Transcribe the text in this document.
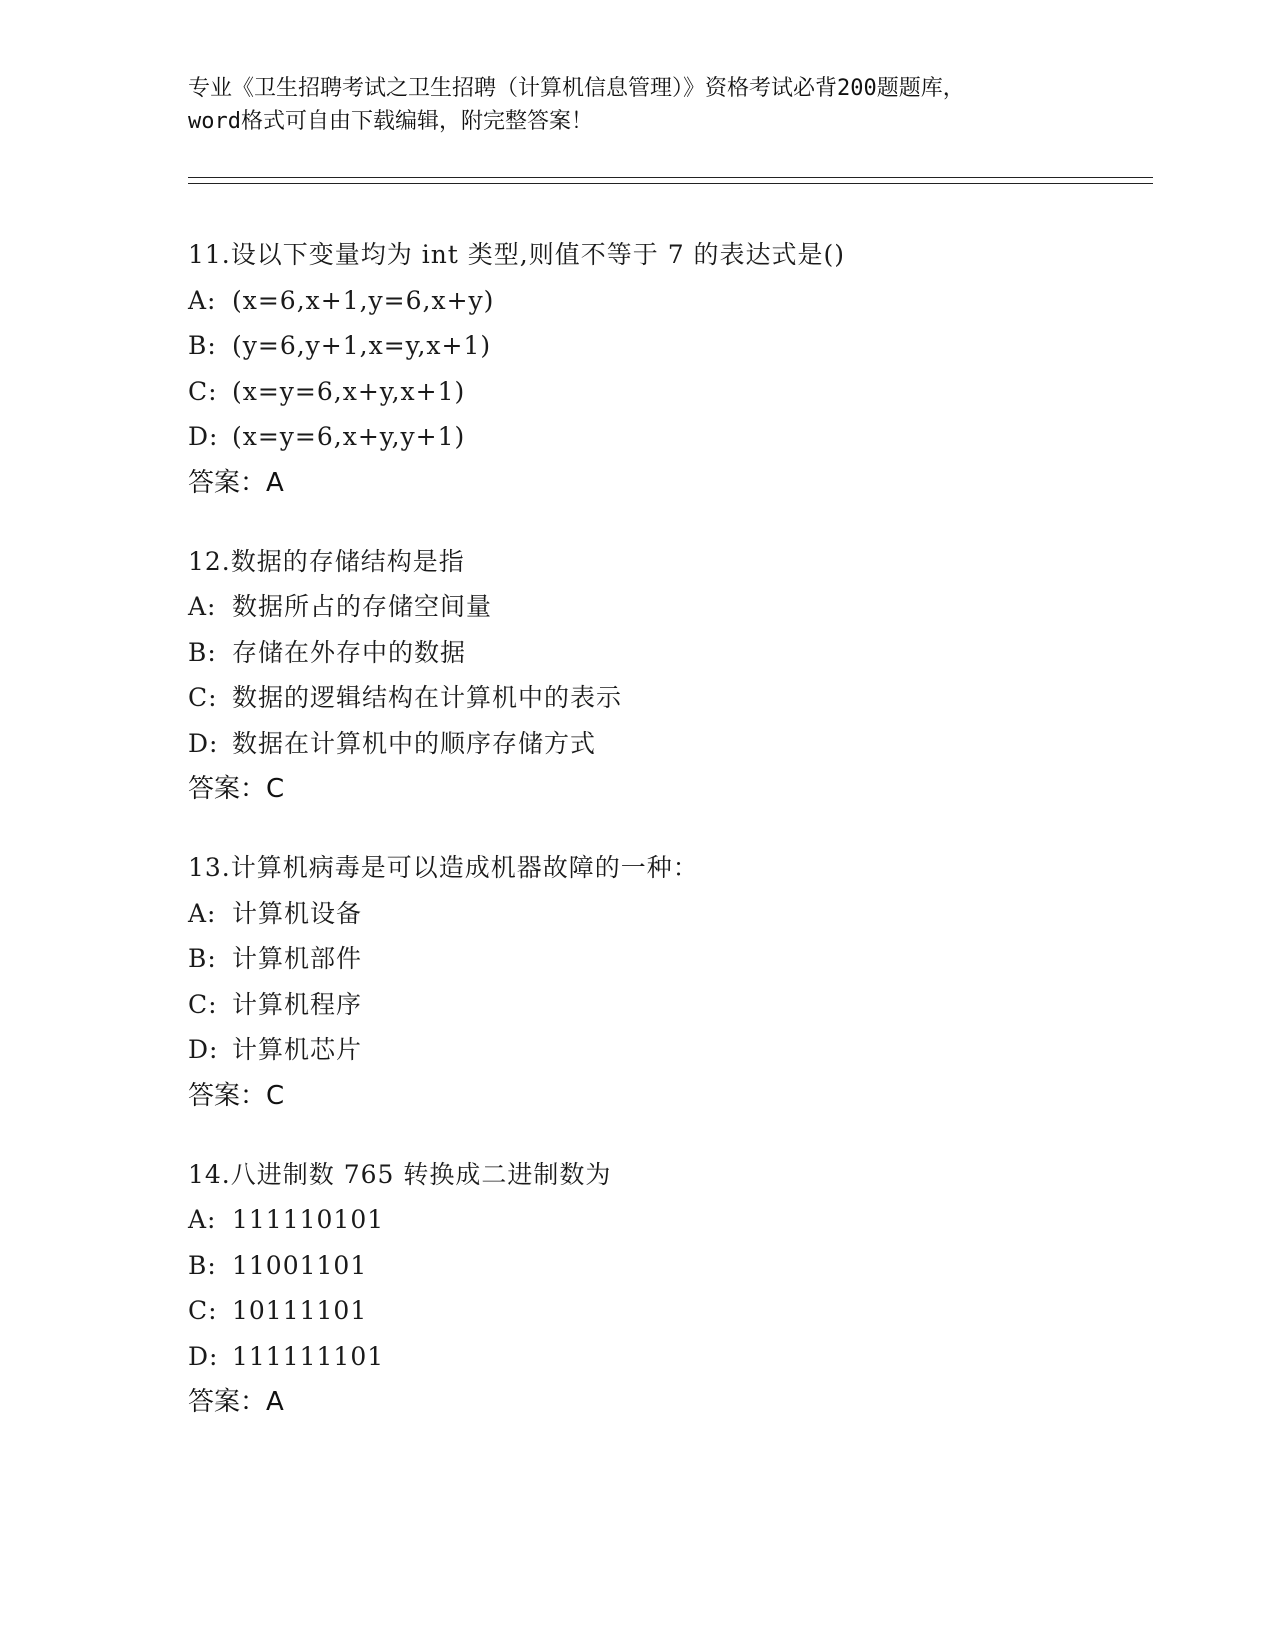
专业《卫生招聘考试之卫生招聘（计算机信息管理）》资格考试必背200题题库，
word格式可自由下载编辑，附完整答案！
11.设以下变量均为 int 类型,则值不等于 7 的表达式是()
A: (x=6,x+1,y=6,x+y)
B: (y=6,y+1,x=y,x+1)
C: (x=y=6,x+y,x+1)
D: (x=y=6,x+y,y+1)
答案：A
12.数据的存储结构是指
A: 数据所占的存储空间量
B: 存储在外存中的数据
C: 数据的逻辑结构在计算机中的表示
D: 数据在计算机中的顺序存储方式
答案：C
13.计算机病毒是可以造成机器故障的一种：
A: 计算机设备
B: 计算机部件
C: 计算机程序
D: 计算机芯片
答案：C
14.八进制数 765 转换成二进制数为
A: 111110101
B: 11001101
C: 10111101
D: 111111101
答案：A
